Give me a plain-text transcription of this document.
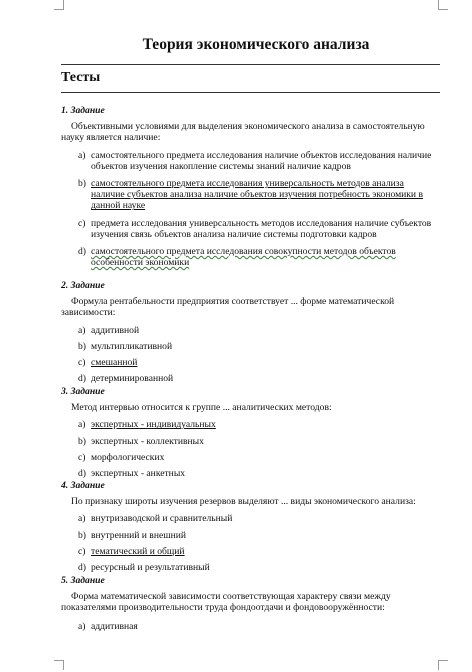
Теория экономического анализа
Тесты
1. Задание
Объективными условиями для выделения экономического анализа в самостоятельную науку является наличие:
a) самостоятельного предмета исследования наличие объектов исследования наличие объектов изучения накопление системы знаний наличие кадров
b) самостоятельного предмета исследования универсальность методов анализа наличие субъектов анализа наличие объектов изучения потребность экономики в данной науке
c) предмета исследования универсальность методов исследования наличие субъектов изучения связь объектов анализа наличие системы подготовки кадров
d) самостоятельного предмета исследования совокупности методов объектов особенности экономики
2. Задание
Формула рентабельности предприятия соответствует ... форме математической зависимости:
a) аддитивной
b) мультипликативной
c) смешанной
d) детерминированной
3. Задание
Метод интервью относится к группе ... аналитических методов:
a) экспертных - индивидуальных
b) экспертных - коллективных
c) морфологических
d) экспертных - анкетных
4. Задание
По признаку широты изучения резервов выделяют ... виды экономического анализа:
a) внутризаводской и сравнительный
b) внутренний и внешний
c) тематический и общий
d) ресурсный и результативный
5. Задание
Форма математической зависимости соответствующая характеру связи между показателями производительности труда фондоотдачи и фондовооружённости:
a) аддитивная
